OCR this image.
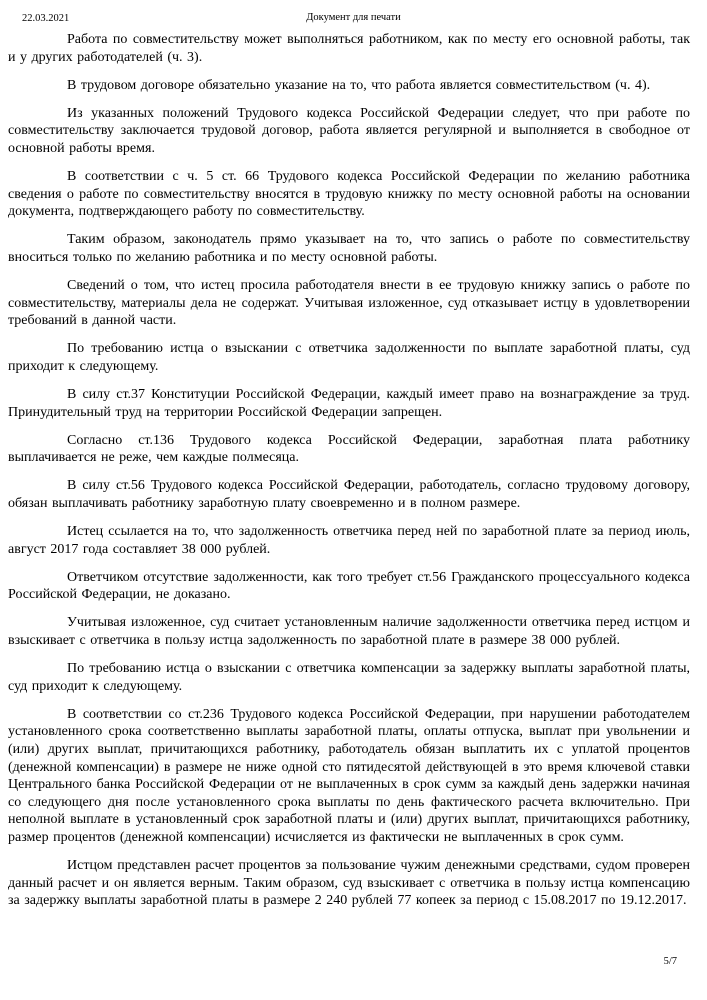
22.03.2021	Документ для печати

Работа по совместительству может выполняться работником, как по месту его основной работы, так и у других работодателей (ч. 3).

В трудовом договоре обязательно указание на то, что работа является совместительством (ч. 4).

Из указанных положений Трудового кодекса Российской Федерации следует, что при работе по совместительству заключается трудовой договор, работа является регулярной и выполняется в свободное от основной работы время.

В соответствии с ч. 5 ст. 66 Трудового кодекса Российской Федерации по желанию работника сведения о работе по совместительству вносятся в трудовую книжку по месту основной работы на основании документа, подтверждающего работу по совместительству.

Таким образом, законодатель прямо указывает на то, что запись о работе по совместительству вноситься только по желанию работника и по месту основной работы.

Сведений о том, что истец просила работодателя внести в ее трудовую книжку запись о работе по совместительству, материалы дела не содержат. Учитывая изложенное, суд отказывает истцу в удовлетворении требований в данной части.

По требованию истца о взыскании с ответчика задолженности по выплате заработной платы, суд приходит к следующему.

В силу ст.37 Конституции Российской Федерации, каждый имеет право на вознаграждение за труд. Принудительный труд на территории Российской Федерации запрещен.

Согласно ст.136 Трудового кодекса Российской Федерации, заработная плата работнику выплачивается не реже, чем каждые полмесяца.

В силу ст.56 Трудового кодекса Российской Федерации, работодатель, согласно трудовому договору, обязан выплачивать работнику заработную плату своевременно и в полном размере.

Истец ссылается на то, что задолженность ответчика перед ней по заработной плате за период июль, август 2017 года составляет 38 000 рублей.

Ответчиком отсутствие задолженности, как того требует ст.56 Гражданского процессуального кодекса Российской Федерации, не доказано.

Учитывая изложенное, суд считает установленным наличие задолженности ответчика перед истцом и взыскивает с ответчика в пользу истца задолженность по заработной плате в размере 38 000 рублей.

По требованию истца о взыскании с ответчика компенсации за задержку выплаты заработной платы, суд приходит к следующему.

В соответствии со ст.236 Трудового кодекса Российской Федерации, при нарушении работодателем установленного срока соответственно выплаты заработной платы, оплаты отпуска, выплат при увольнении и (или) других выплат, причитающихся работнику, работодатель обязан выплатить их с уплатой процентов (денежной компенсации) в размере не ниже одной сто пятидесятой действующей в это время ключевой ставки Центрального банка Российской Федерации от не выплаченных в срок сумм за каждый день задержки начиная со следующего дня после установленного срока выплаты по день фактического расчета включительно. При неполной выплате в установленный срок заработной платы и (или) других выплат, причитающихся работнику, размер процентов (денежной компенсации) исчисляется из фактически не выплаченных в срок сумм.

Истцом представлен расчет процентов за пользование чужим денежными средствами, судом проверен данный расчет и он является верным. Таким образом, суд взыскивает с ответчика в пользу истца компенсацию за задержку выплаты заработной платы в размере 2 240 рублей 77 копеек за период с 15.08.2017 по 19.12.2017.

5/7
